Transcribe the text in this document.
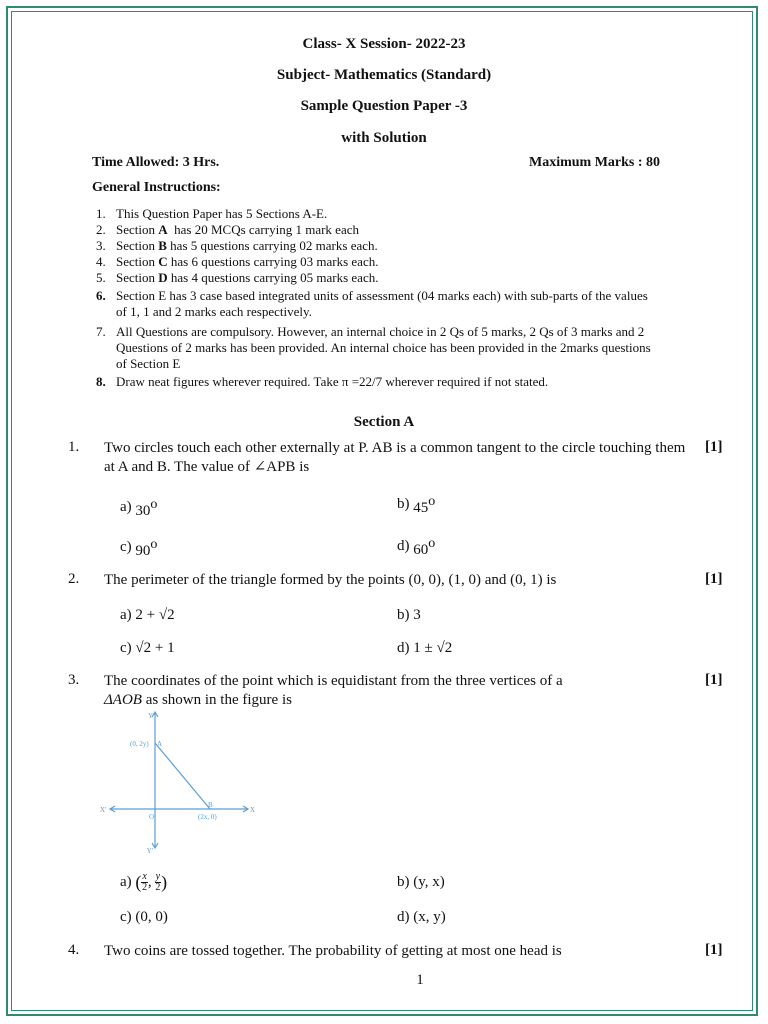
Class- X Session- 2022-23
Subject- Mathematics (Standard)
Sample Question Paper -3
with Solution
Time Allowed: 3 Hrs.	Maximum Marks : 80
General Instructions:
1. This Question Paper has 5 Sections A-E.
2. Section A  has 20 MCQs carrying 1 mark each
3. Section B has 5 questions carrying 02 marks each.
4. Section C has 6 questions carrying 03 marks each.
5. Section D has 4 questions carrying 05 marks each.
6. Section E has 3 case based integrated units of assessment (04 marks each) with sub-parts of the values of 1, 1 and 2 marks each respectively.
7. All Questions are compulsory. However, an internal choice in 2 Qs of 5 marks, 2 Qs of 3 marks and 2 Questions of 2 marks has been provided. An internal choice has been provided in the 2marks questions of Section E
8. Draw neat figures wherever required. Take π =22/7 wherever required if not stated.
Section A
1. Two circles touch each other externally at P. AB is a common tangent to the circle touching them at A and B. The value of ∠APB is
[1]
a) 30o	b) 45o
c) 90o	d) 60o
2. The perimeter of the triangle formed by the points (0, 0), (1, 0) and (0, 1) is	[1]
a) 2 + √2	b) 3
c) √2 + 1	d) 1 ± √2
3. The coordinates of the point which is equidistant from the three vertices of a
ΔAOB as shown in the figure is
[1]
Y
Y'
X
X'
O
A
B
(0, 2y)
(2x, 0)
a) ( $\frac{x}{2}$ ,  $\frac{y}{2}$ )	b) (y, x)
c) (0, 0)	d) (x, y)
4. Two coins are tossed together. The probability of getting at most one head is	[1]
1
